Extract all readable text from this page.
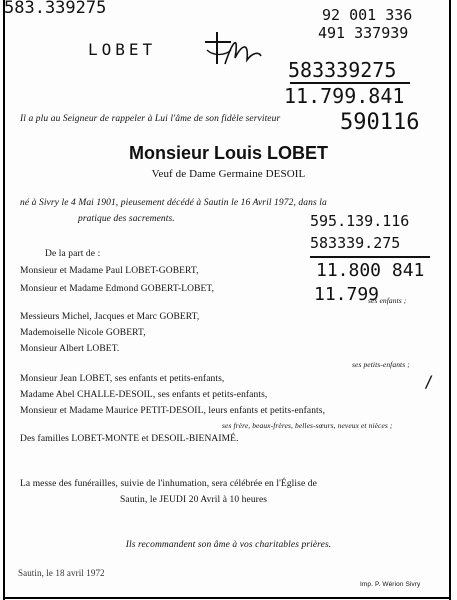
583.339275
LOBET
92 001 336
491 337939
583339275
11.799.841
590116
Il a plu au Seigneur de rappeler à Lui l'âme de son fidèle serviteur
Monsieur Louis LOBET
Veuf de Dame Germaine DESOIL
né à Sivry le 4 Mai 1901, pieusement décédé à Sautin le 16 Avril 1972, dans la
pratique des sacrements.	595.139.116
583339.275
11.800 841
11.799
De la part de :
Monsieur et Madame Paul LOBET-GOBERT,
Monsieur et Madame Edmond GOBERT-LOBET,
ses enfants ;
Messieurs Michel, Jacques et Marc GOBERT,
Mademoiselle Nicole GOBERT,
Monsieur Albert LOBET.
ses petits-enfants ;
Monsieur Jean LOBET, ses enfants et petits-enfants,	/
Madame Abel CHALLE-DESOIL, ses enfants et petits-enfants,
Monsieur et Madame Maurice PETIT-DESOIL, leurs enfants et petits-enfants,
ses frère, beaux-frères, belles-sœurs, neveux et nièces ;
Des familles LOBET-MONTE et DESOIL-BIENAIMÉ.
La messe des funérailles, suivie de l'inhumation, sera célébrée en l'Église de
Sautin, le JEUDI 20 Avril à 10 heures
Ils recommandent son âme à vos charitables prières.
Sautin, le 18 avril 1972
Imp. P. Wérion Sivry
